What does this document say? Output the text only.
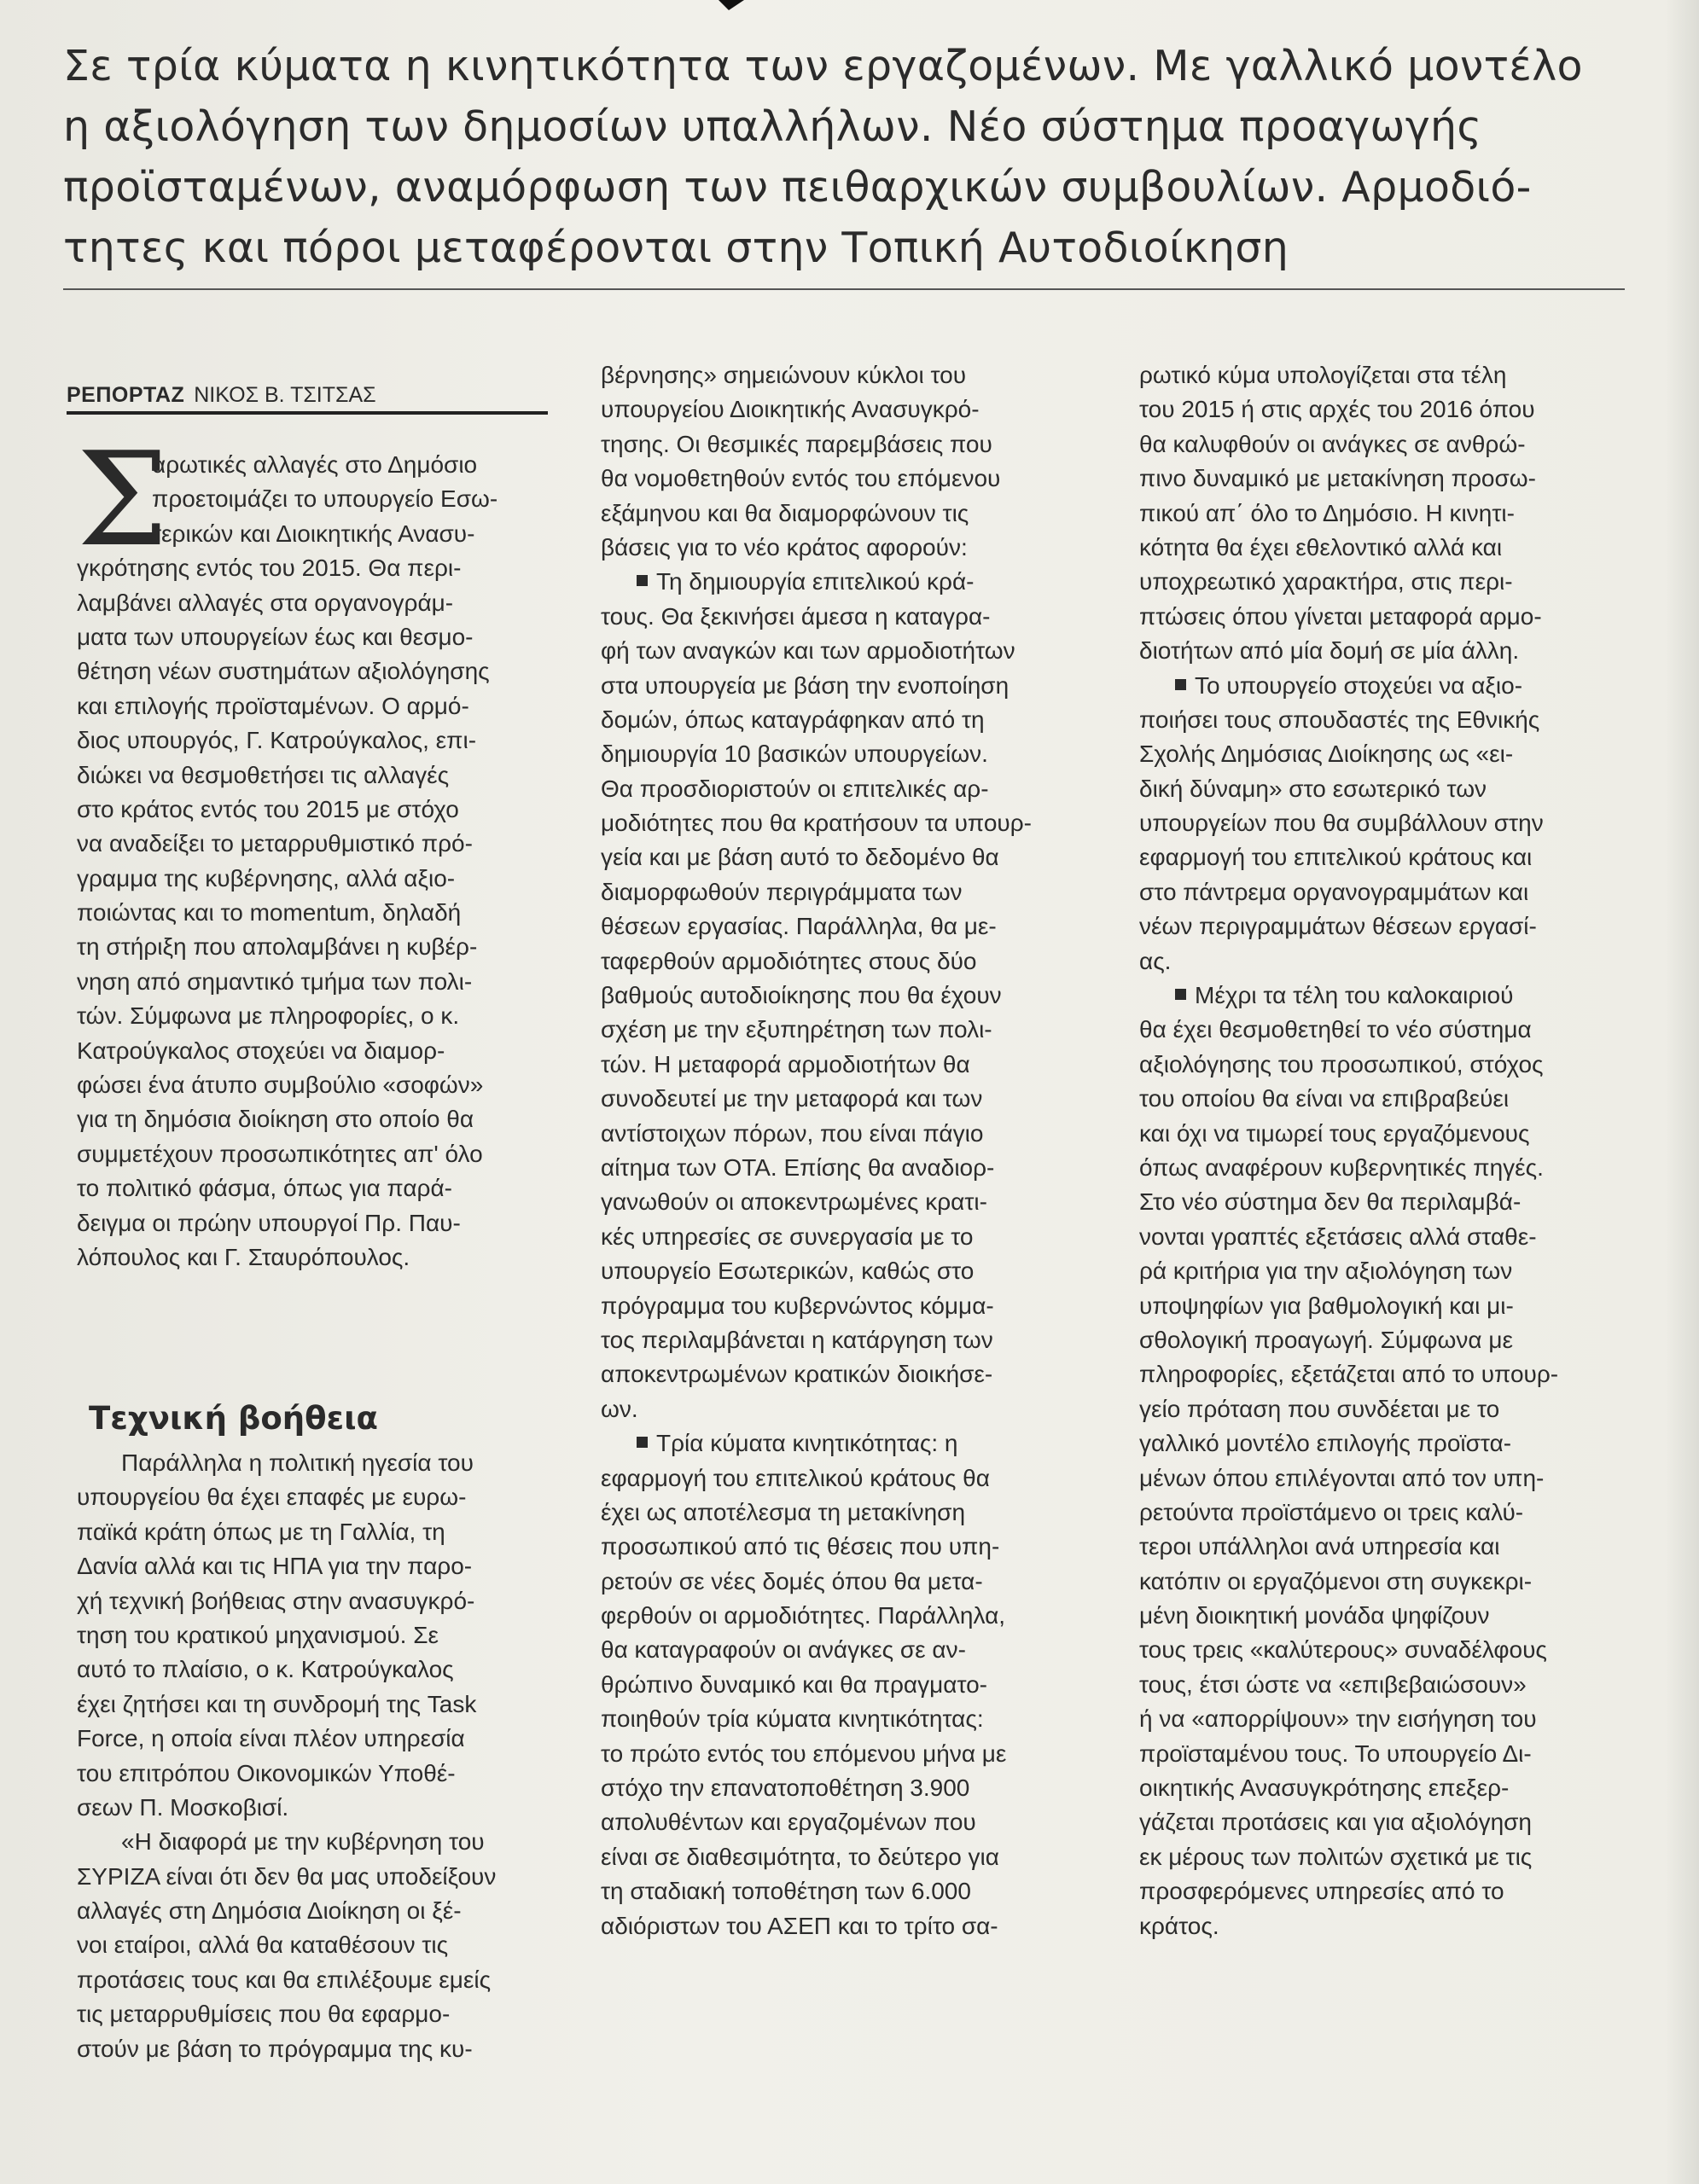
Σε τρία κύματα η κινητικότητα των εργαζομένων. Με γαλλικό μοντέλο
η αξιολόγηση των δημοσίων υπαλλήλων. Νέο σύστημα προαγωγής
προϊσταμένων, αναμόρφωση των πειθαρχικών συμβουλίων. Αρμοδιό-
τητες και πόροι μεταφέρονται στην Τοπική Αυτοδιοίκηση
ΡΕΠΟΡΤΑΖ ΝΙΚΟΣ Β. ΤΣΙΤΣΑΣ
Σ
αρωτικές αλλαγές στο Δημόσιο
προετοιμάζει το υπουργείο Εσω-
τερικών και Διοικητικής Ανασυ-
γκρότησης εντός του 2015. Θα περι-
λαμβάνει αλλαγές στα οργανογράμ-
ματα των υπουργείων έως και θεσμο-
θέτηση νέων συστημάτων αξιολόγησης
και επιλογής προϊσταμένων. Ο αρμό-
διος υπουργός, Γ. Κατρούγκαλος, επι-
διώκει να θεσμοθετήσει τις αλλαγές
στο κράτος εντός του 2015 με στόχο
να αναδείξει το μεταρρυθμιστικό πρό-
γραμμα της κυβέρνησης, αλλά αξιο-
ποιώντας και το momentum, δηλαδή
τη στήριξη που απολαμβάνει η κυβέρ-
νηση από σημαντικό τμήμα των πολι-
τών. Σύμφωνα με πληροφορίες, ο κ.
Κατρούγκαλος στοχεύει να διαμορ-
φώσει ένα άτυπο συμβούλιο «σοφών»
για τη δημόσια διοίκηση στο οποίο θα
συμμετέχουν προσωπικότητες απ' όλο
το πολιτικό φάσμα, όπως για παρά-
δειγμα οι πρώην υπουργοί Πρ. Παυ-
λόπουλος και Γ. Σταυρόπουλος.
Τεχνική βοήθεια
Παράλληλα η πολιτική ηγεσία του
υπουργείου θα έχει επαφές με ευρω-
παϊκά κράτη όπως με τη Γαλλία, τη
Δανία αλλά και τις ΗΠΑ για την παρο-
χή τεχνική βοήθειας στην ανασυγκρό-
τηση του κρατικού μηχανισμού. Σε
αυτό το πλαίσιο, ο κ. Κατρούγκαλος
έχει ζητήσει και τη συνδρομή της Task
Force, η οποία είναι πλέον υπηρεσία
του επιτρόπου Οικονομικών Υποθέ-
σεων Π. Μοσκοβισί.
«Η διαφορά με την κυβέρνηση του
ΣΥΡΙΖΑ είναι ότι δεν θα μας υποδείξουν
αλλαγές στη Δημόσια Διοίκηση οι ξέ-
νοι εταίροι, αλλά θα καταθέσουν τις
προτάσεις τους και θα επιλέξουμε εμείς
τις μεταρρυθμίσεις που θα εφαρμο-
στούν με βάση το πρόγραμμα της κυ-
βέρνησης» σημειώνουν κύκλοι του
υπουργείου Διοικητικής Ανασυγκρό-
τησης. Οι θεσμικές παρεμβάσεις που
θα νομοθετηθούν εντός του επόμενου
εξάμηνου και θα διαμορφώνουν τις
βάσεις για το νέο κράτος αφορούν:
Τη δημιουργία επιτελικού κρά-
τους. Θα ξεκινήσει άμεσα η καταγρα-
φή των αναγκών και των αρμοδιοτήτων
στα υπουργεία με βάση την ενοποίηση
δομών, όπως καταγράφηκαν από τη
δημιουργία 10 βασικών υπουργείων.
Θα προσδιοριστούν οι επιτελικές αρ-
μοδιότητες που θα κρατήσουν τα υπουρ-
γεία και με βάση αυτό το δεδομένο θα
διαμορφωθούν περιγράμματα των
θέσεων εργασίας. Παράλληλα, θα με-
ταφερθούν αρμοδιότητες στους δύο
βαθμούς αυτοδιοίκησης που θα έχουν
σχέση με την εξυπηρέτηση των πολι-
τών. Η μεταφορά αρμοδιοτήτων θα
συνοδευτεί με την μεταφορά και των
αντίστοιχων πόρων, που είναι πάγιο
αίτημα των ΟΤΑ. Επίσης θα αναδιορ-
γανωθούν οι αποκεντρωμένες κρατι-
κές υπηρεσίες σε συνεργασία με το
υπουργείο Εσωτερικών, καθώς στο
πρόγραμμα του κυβερνώντος κόμμα-
τος περιλαμβάνεται η κατάργηση των
αποκεντρωμένων κρατικών διοικήσε-
ων.
Τρία κύματα κινητικότητας: η
εφαρμογή του επιτελικού κράτους θα
έχει ως αποτέλεσμα τη μετακίνηση
προσωπικού από τις θέσεις που υπη-
ρετούν σε νέες δομές όπου θα μετα-
φερθούν οι αρμοδιότητες. Παράλληλα,
θα καταγραφούν οι ανάγκες σε αν-
θρώπινο δυναμικό και θα πραγματο-
ποιηθούν τρία κύματα κινητικότητας:
το πρώτο εντός του επόμενου μήνα με
στόχο την επανατοποθέτηση 3.900
απολυθέντων και εργαζομένων που
είναι σε διαθεσιμότητα, το δεύτερο για
τη σταδιακή τοποθέτηση των 6.000
αδιόριστων του ΑΣΕΠ και το τρίτο σα-
ρωτικό κύμα υπολογίζεται στα τέλη
του 2015 ή στις αρχές του 2016 όπου
θα καλυφθούν οι ανάγκες σε ανθρώ-
πινο δυναμικό με μετακίνηση προσω-
πικού απ΄ όλο το Δημόσιο. Η κινητι-
κότητα θα έχει εθελοντικό αλλά και
υποχρεωτικό χαρακτήρα, στις περι-
πτώσεις όπου γίνεται μεταφορά αρμο-
διοτήτων από μία δομή σε μία άλλη.
Το υπουργείο στοχεύει να αξιο-
ποιήσει τους σπουδαστές της Εθνικής
Σχολής Δημόσιας Διοίκησης ως «ει-
δική δύναμη» στο εσωτερικό των
υπουργείων που θα συμβάλλουν στην
εφαρμογή του επιτελικού κράτους και
στο πάντρεμα οργανογραμμάτων και
νέων περιγραμμάτων θέσεων εργασί-
ας.
Μέχρι τα τέλη του καλοκαιριού
θα έχει θεσμοθετηθεί το νέο σύστημα
αξιολόγησης του προσωπικού, στόχος
του οποίου θα είναι να επιβραβεύει
και όχι να τιμωρεί τους εργαζόμενους
όπως αναφέρουν κυβερνητικές πηγές.
Στο νέο σύστημα δεν θα περιλαμβά-
νονται γραπτές εξετάσεις αλλά σταθε-
ρά κριτήρια για την αξιολόγηση των
υποψηφίων για βαθμολογική και μι-
σθολογική προαγωγή. Σύμφωνα με
πληροφορίες, εξετάζεται από το υπουρ-
γείο πρόταση που συνδέεται με το
γαλλικό μοντέλο επιλογής προϊστα-
μένων όπου επιλέγονται από τον υπη-
ρετούντα προϊστάμενο οι τρεις καλύ-
τεροι υπάλληλοι ανά υπηρεσία και
κατόπιν οι εργαζόμενοι στη συγκεκρι-
μένη διοικητική μονάδα ψηφίζουν
τους τρεις «καλύτερους» συναδέλφους
τους, έτσι ώστε να «επιβεβαιώσουν»
ή να «απορρίψουν» την εισήγηση του
προϊσταμένου τους. Το υπουργείο Δι-
οικητικής Ανασυγκρότησης επεξερ-
γάζεται προτάσεις και για αξιολόγηση
εκ μέρους των πολιτών σχετικά με τις
προσφερόμενες υπηρεσίες από το
κράτος.
